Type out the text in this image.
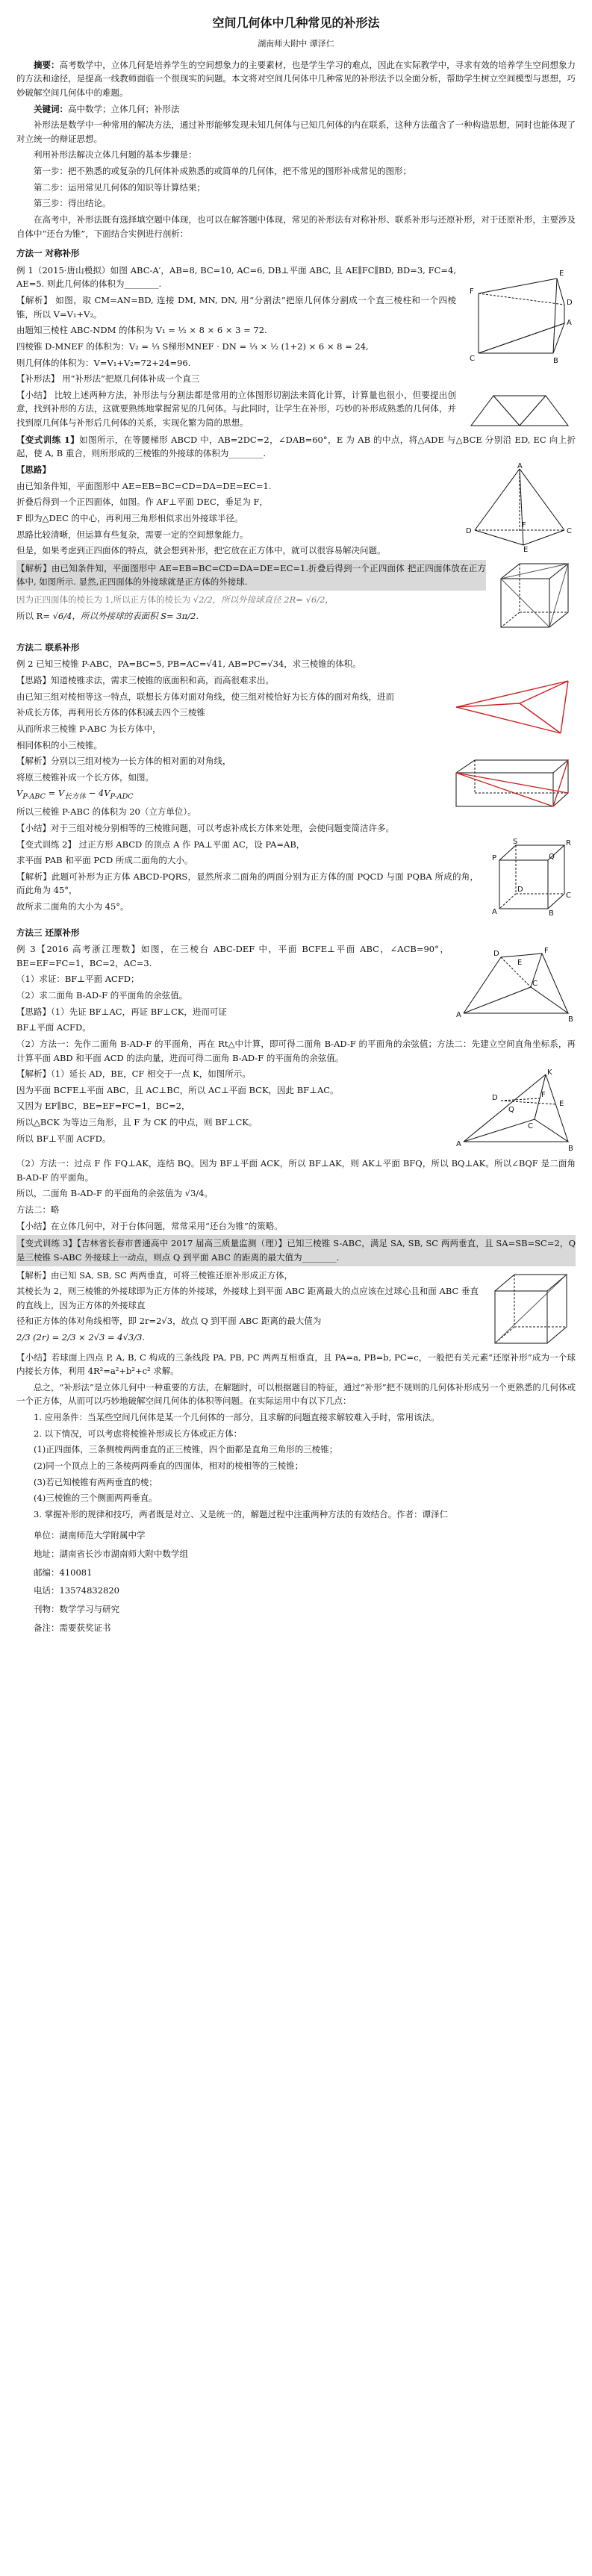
空间几何体中几种常见的补形法
湖南师大附中 谭泽仁

摘要：高考数学中，立体几何是培养学生的空间想象力的主要素材，也是学生学习的难点，因此在实际教学中，寻求有效的培养学生空间想象力的方法和途径，是提高一线教师面临一个很现实的问题。本文将对空间几何体中几种常见的补形法予以全面分析，帮助学生树立空间模型与思想，巧妙破解空间几何体中的难题。

关键词：高中数学；立体几何；补形法

补形法是数学中一种常用的解决方法，通过补形能够发现未知几何体与已知几何体的内在联系，这种方法蕴含了一种构造思想，同时也能体现了对立统一的辩证思想。

利用补形法解决立体几何题的基本步骤是：

第一步：把不熟悉的或复杂的几何体补成熟悉的或简单的几何体，把不常见的图形补成常见的图形；

第二步：运用常见几何体的知识等计算结果；

第三步：得出结论。

在高考中，补形法既有选择填空题中体现，也可以在解答题中体现，常见的补形法有对称补形、联系补形与还原补形，对于还原补形，主要涉及自体中“还台为锥”，下面结合实例进行剖析：

方法一 对称补形

例 1（2015·唐山模拟）如图 ABC-A′，AB=8, BC=10, AC=6, DB⊥平面 ABC, 且 AE∥FC∥BD, BD=3, FC=4, AE=5. 则此几何体的体积为________.

【解析】 如图，取 CM=AN=BD, 连接 DM, MN, DN, 用“分割法”把原几何体分割成一个直三棱柱和一个四棱锥，所以 V=V₁+V₂。

由题知三棱柱 ABC-NDM 的体积为 V₁ = ½ × 8 × 6 × 3 = 72.

四棱锥 D-MNEF 的体积为：V₂ = ⅓ S梯形MNEF · DN = ⅓ × ½ (1+2) × 6 × 8 = 24,

则几何体的体积为：V=V₁+V₂=72+24=96.

【补形法】 用“补形法”把原几何体补成一个直三

F
E
C	B
A
D

【小结】 比较上述两种方法，补形法与分割法都是常用的立体图形切割法来简化计算，计算量也很小，但要提出创意，找到补形的方法，这就要熟练地掌握常见的几何体。与此同时，让学生在补形，巧妙的补形成熟悉的几何体，并找到原几何体与补形后几何体的关系，实现化繁为简的思想。

【变式训练 1】如图所示，在等腰梯形 ABCD 中，AB=2DC=2，∠DAB=60°，E 为 AB 的中点，将△ADE 与△BCE 分别沿 ED, EC 向上折起，使 A, B 重合，则所形成的三棱锥的外接球的体积为________.

【思路】

由已知条件知，平面图形中 AE=EB=BC=CD=DA=DE=EC=1.

折叠后得到一个正四面体，如图。作 AF⊥平面 DEC，垂足为 F，

F 即为△DEC 的中心，再利用三角形相似求出外接球半径。

思路比较清晰，但运算有些复杂，需要一定的空间想象能力。

但是，如果考虑到正四面体的特点，就会想到补形，把它放在正方体中，就可以很容易解决问题。

A
D	C
E
F

【解析】由已知条件知，平面图形中 AE=EB=BC=CD=DA=DE=EC=1.折叠后得到一个正四面体 把正四面体放在正方体中, 如图所示. 显然,正四面体的外接球就是正方体的外接球.

因为正四面体的棱长为 1,所以正方体的棱长为 √2/2，所以外接球直径 2R= √6/2，

所以 R= √6/4，所以外接球的表面积 S= 3π/2.

方法二 联系补形

例 2 已知三棱锥 P-ABC，PA=BC=5, PB=AC=√41, AB=PC=√34，求三棱锥的体积。

【思路】知道棱锥求法，需求三棱锥的底面积和高，而高很难求出。

由已知三组对棱相等这一特点，联想长方体对面对角线，使三组对棱恰好为长方体的面对角线，进而

补成长方体，再利用长方体的体积减去四个三棱锥

从而所求三棱锥 P-ABC 为长方体中，

相同体积的小三棱锥。

【解析】分别以三组对棱为一长方体的相对面的对角线，

将原三棱锥补成一个长方体，如图。

$V_{P-ABC} = V_{长方体} - 4V_{P-ADC}$

所以三棱锥 P-ABC 的体积为 20（立方单位）。

【小结】对于三组对棱分别相等的三棱锥问题，可以考虑补成长方体来处理，会使问题变简洁许多。

【变式训练 2】 过正方形 ABCD 的顶点 A 作 PA⊥平面 AC，设 PA=AB，

求平面 PAB 和平面 PCD 所成二面角的大小。

【解析】此题可补形为正方体 ABCD-PQRS，显然所求二面角的两面分别为正方体的面 PQCD 与面 PQBA 所成的角，而此角为 45°，

故所求二面角的大小为 45°。

P
S
Q
R
A	B
C
D
方法三 还原补形

例 3【2016 高考浙江理数】如图，在三棱台 ABC-DEF 中，平面 BCFE⊥平面 ABC，∠ACB=90°，BE=EF=FC=1，BC=2，AC=3.

（1）求证：BF⊥平面 ACFD；

（2）求二面角 B-AD-F 的平面角的余弦值。

【思路】（1）先证 BF⊥AC，再证 BF⊥CK，进而可证

BF⊥平面 ACFD。

D	F
A
B
C
E

（2）方法一：先作二面角 B-AD-F 的平面角，再在 Rt△中计算，即可得二面角 B-AD-F 的平面角的余弦值；方法二：先建立空间直角坐标系，再计算平面 ABD 和平面 ACD 的法向量，进而可得二面角 B-AD-F 的平面角的余弦值。

【解析】（1）延长 AD，BE，CF 相交于一点 K，如图所示。

因为平面 BCFE⊥平面 ABC，且 AC⊥BC，所以 AC⊥平面 BCK，因此 BF⊥AC。

又因为 EF∥BC，BE=EF=FC=1，BC=2，

所以△BCK 为等边三角形，且 F 为 CK 的中点，则 BF⊥CK。

所以 BF⊥平面 ACFD。

K
D
E
F
A
B
C
Q

（2）方法一：过点 F 作 FQ⊥AK，连结 BQ。因为 BF⊥平面 ACK，所以 BF⊥AK，则 AK⊥平面 BFQ，所以 BQ⊥AK。所以∠BQF 是二面角 B-AD-F 的平面角。

所以，二面角 B-AD-F 的平面角的余弦值为 √3/4。

方法二：略

【小结】在立体几何中，对于台体问题，常常采用“还台为锥”的策略。

【变式训练 3】【吉林省长春市普通高中 2017 届高三质量监测（理）】已知三棱锥 S-ABC，满足 SA, SB, SC 两两垂直，且 SA=SB=SC=2，Q 是三棱锥 S-ABC 外接球上一动点，则点 Q 到平面 ABC 的距离的最大值为________.

【解析】由已知 SA, SB, SC 两两垂直，可将三棱锥还原补形成正方体，

其棱长为 2，则三棱锥的外接球即为正方体的外接球，外接球上到平面 ABC 距离最大的点应该在过球心且和面 ABC 垂直的直线上，因为正方体的外接球直

径和正方体的体对角线相等，即 2r=2√3，故点 Q 到平面 ABC 距离的最大值为

2/3 (2r) = 2/3 × 2√3 = 4√3/3.

【小结】若球面上四点 P, A, B, C 构成的三条线段 PA, PB, PC 两两互相垂直，且 PA=a, PB=b, PC=c，一般把有关元素“还原补形”成为一个球内接长方体，利用 4R²=a²+b²+c² 求解。

总之，“补形法”是立体几何中一种重要的方法，在解题时，可以根据题目的特征，通过“补形”把不规则的几何体补形成另一个更熟悉的几何体或一个正方体，从而可以巧妙地破解空间几何体的体积等问题。在实际运用中有以下几点：

1. 应用条件：当某些空间几何体是某一个几何体的一部分，且求解的问题直接求解较难入手时，常用该法。

2. 以下情况，可以考虑将棱锥补形成长方体或正方体：

(1)正四面体，三条侧棱两两垂直的正三棱锥，四个面都是直角三角形的三棱锥；

(2)同一个顶点上的三条棱两两垂直的四面体，相对的棱相等的三棱锥；

(3)若已知棱锥有两两垂直的棱；

(4)三棱锥的三个侧面两两垂直。

3. 掌握补形的规律和技巧，两者既是对立、又是统一的，解题过程中注重两种方法的有效结合。作者：谭泽仁

单位：湖南师范大学附属中学

地址：湖南省长沙市湖南师大附中数学组

邮编：410081

电话：13574832820

刊物：数学学习与研究

备注：需要获奖证书
